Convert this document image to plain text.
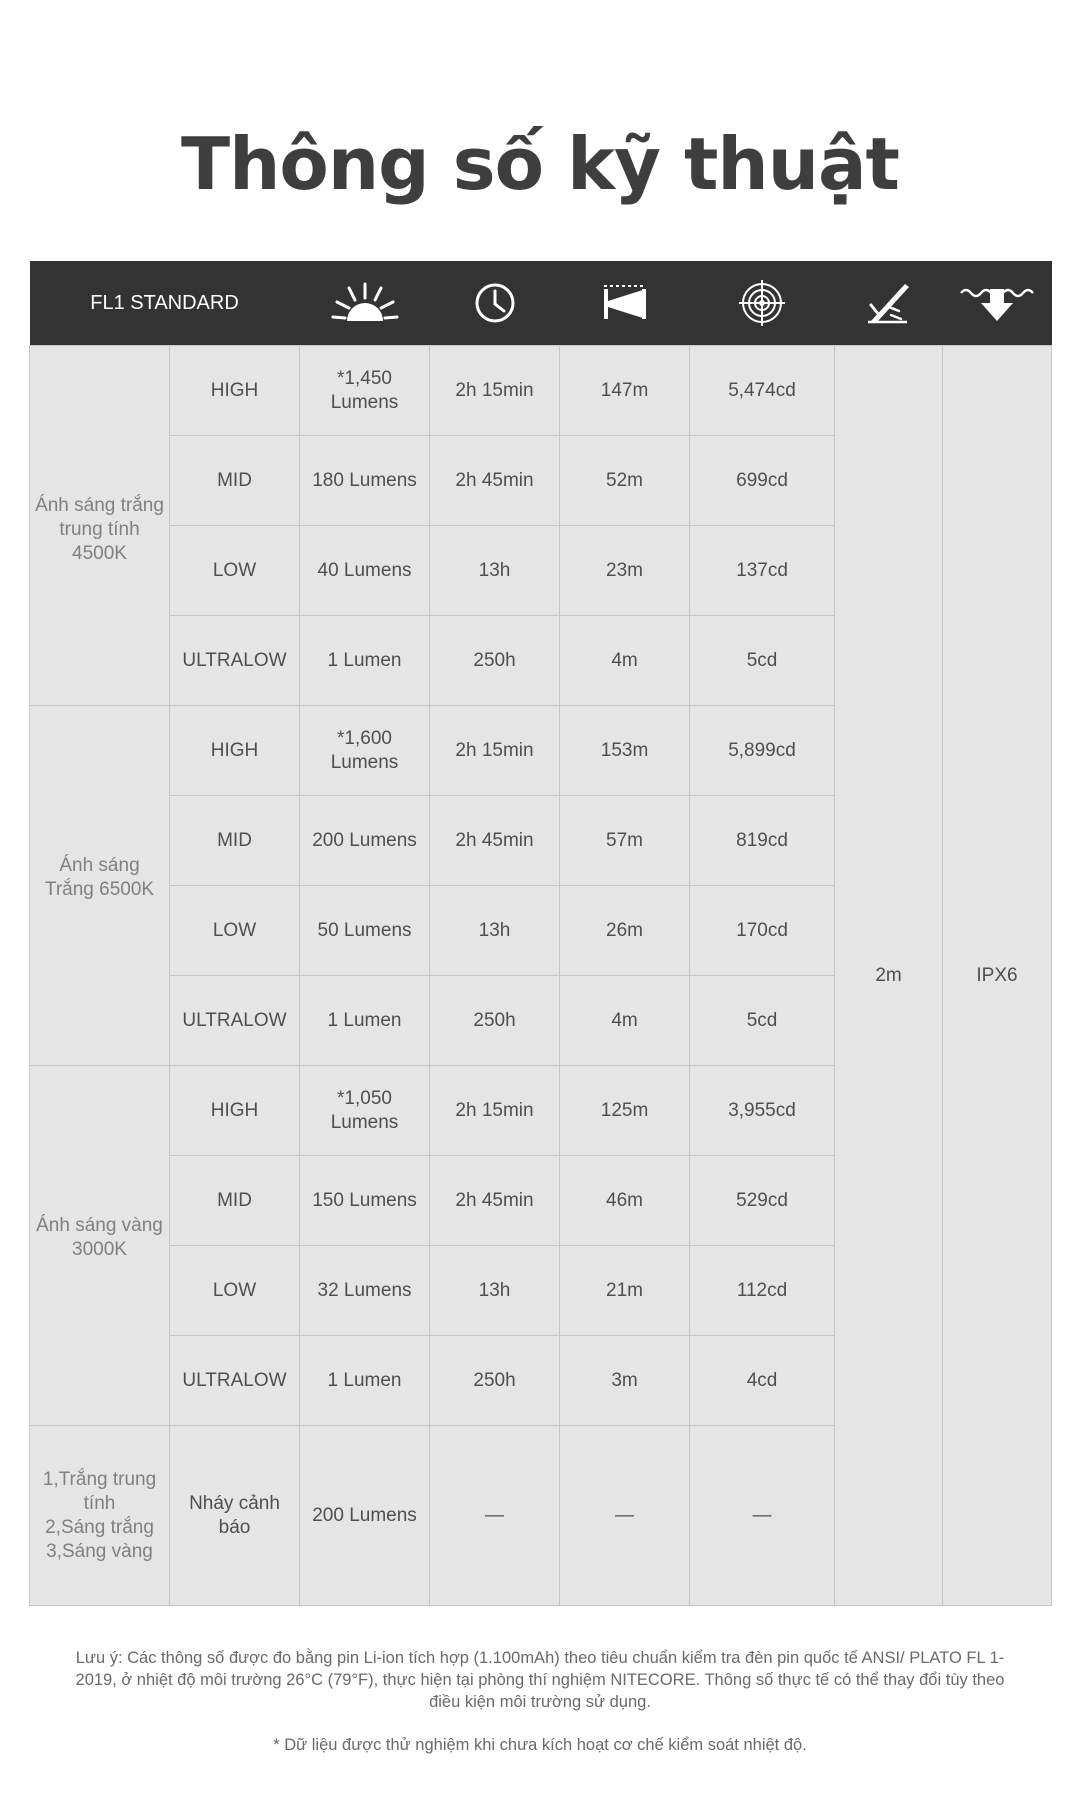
Thông số kỹ thuật
FL1 STANDARD	

Ánh sáng trắng trung tính 4500K	HIGH	*1,450 Lumens	2h 15min	147m	5,474cd	2m	IPX6
	MID	180 Lumens	2h 45min	52m	699cd		
	LOW	40 Lumens	13h	23m	137cd		
	ULTRALOW	1 Lumen	250h	4m	5cd		
Ánh sáng Trắng 6500K	HIGH	*1,600 Lumens	2h 15min	153m	5,899cd		
	MID	200 Lumens	2h 45min	57m	819cd		
	LOW	50 Lumens	13h	26m	170cd		
	ULTRALOW	1 Lumen	250h	4m	5cd		
Ánh sáng vàng 3000K	HIGH	*1,050 Lumens	2h 15min	125m	3,955cd		
	MID	150 Lumens	2h 45min	46m	529cd		
	LOW	32 Lumens	13h	21m	112cd		
	ULTRALOW	1 Lumen	250h	3m	4cd		
1,Trắng trung tính
2,Sáng trắng
3,Sáng vàng	Nháy cảnh báo	200 Lumens	—	—	—		
Lưu ý: Các thông số được đo bằng pin Li-ion tích hợp (1.100mAh) theo tiêu chuẩn kiểm tra đèn pin quốc tế ANSI/ PLATO FL 1-2019, ở nhiệt độ môi trường 26°C (79°F), thực hiện tại phòng thí nghiệm NITECORE. Thông số thực tế có thể thay đổi tùy theo điều kiện môi trường sử dụng.
* Dữ liệu được thử nghiệm khi chưa kích hoạt cơ chế kiểm soát nhiệt độ.
